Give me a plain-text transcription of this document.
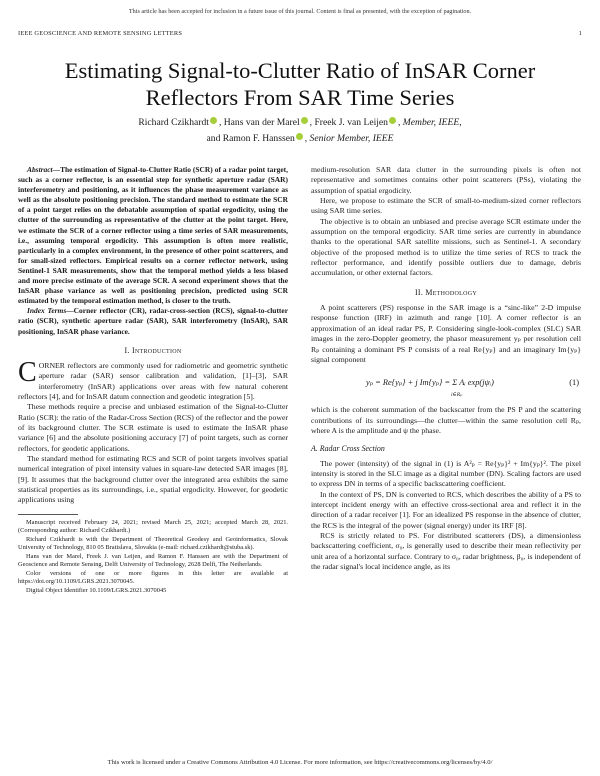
This article has been accepted for inclusion in a future issue of this journal. Content is final as presented, with the exception of pagination.
IEEE GEOSCIENCE AND REMOTE SENSING LETTERS	1
Estimating Signal-to-Clutter Ratio of InSAR Corner Reflectors From SAR Time Series
Richard Czikhardt , Hans van der Marel , Freek J. van Leijen , Member, IEEE,
and Ramon F. Hanssen , Senior Member, IEEE

Abstract—The estimation of Signal-to-Clutter Ratio (SCR) of a radar point target, such as a corner reflector, is an essential step for synthetic aperture radar (SAR) interferometry and positioning, as it influences the phase measurement variance as well as the absolute positioning precision. The standard method to estimate the SCR of a point target relies on the debatable assumption of spatial ergodicity, using the clutter of the surrounding as representative of the clutter at the point target. Here, we estimate the SCR of a corner reflector using a time series of SAR measurements, i.e., assuming temporal ergodicity. This assumption is often more realistic, particularly in a complex environment, in the presence of other point scatterers, and for small-sized reflectors. Empirical results on a corner reflector network, using Sentinel-1 SAR measurements, show that the temporal method yields a less biased and more precise estimate of the average SCR. A second experiment shows that the InSAR phase variance as well as positioning precision, predicted using SCR estimated by the temporal estimation method, is closer to the truth.

Index Terms—Corner reflector (CR), radar-cross-section (RCS), signal-to-clutter ratio (SCR), synthetic aperture radar (SAR), SAR interferometry (InSAR), SAR positioning, InSAR phase variance.

I. Introduction

CORNER reflectors are commonly used for radiometric and geometric synthetic aperture radar (SAR) sensor calibration and validation, [1]–[3], SAR interferometry (InSAR) applications over areas with few natural coherent reflectors [4], and for InSAR datum connection and geodetic integration [5].

These methods require a precise and unbiased estimation of the Signal-to-Clutter Ratio (SCR): the ratio of the Radar-Cross Section (RCS) of the reflector and the power of its background clutter. The SCR estimate is used to estimate the InSAR phase variance [6] and the absolute positioning accuracy [7] of point targets, such as corner reflectors, for geodetic applications.

The standard method for estimating RCS and SCR of point targets involves spatial numerical integration of pixel intensity values in square-law detected SAR images [8], [9]. It assumes that the background clutter over the integrated area exhibits the same statistical properties as its surroundings, i.e., spatial ergodicity. However, for geodetic applications using

Manuscript received February 24, 2021; revised March 25, 2021; accepted March 28, 2021. (Corresponding author: Richard Czikhardt.)
Richard Czikhardt is with the Department of Theoretical Geodesy and Geoinformatics, Slovak University of Technology, 810 05 Bratislava, Slovakia (e-mail: richard.czikhardt@stuba.sk).
Hans van der Marel, Freek J. van Leijen, and Ramon F. Hanssen are with the Department of Geoscience and Remote Sensing, Delft University of Technology, 2628 Delft, The Netherlands.
Color versions of one or more figures in this letter are available at https://doi.org/10.1109/LGRS.2021.3070045.
Digital Object Identifier 10.1109/LGRS.2021.3070045

medium-resolution SAR data clutter in the surrounding pixels is often not representative and sometimes contains other point scatterers (PSs), violating the assumption of spatial ergodicity.

Here, we propose to estimate the SCR of small-to-medium-sized corner reflectors using SAR time series.

The objective is to obtain an unbiased and precise average SCR estimate under the assumption on the temporal ergodicity. SAR time series are currently in abundance thanks to the operational SAR satellite missions, such as Sentinel-1. A secondary objective of the proposed method is to utilize the time series of RCS to track the reflector performance, and identify possible outliers due to damage, debris accumulation, or other external factors.

II. Methodology

A point scatterers (PS) response in the SAR image is a “sinc-like” 2-D impulse response function (IRF) in azimuth and range [10]. A corner reflector is an approximation of an ideal radar PS, P. Considering single-look-complex (SLC) SAR images in the zero-Doppler geometry, the phasor measurement yₚ per resolution cell Rₚ containing a dominant PS P consists of a real Re{yₚ} and an imaginary Im{yₚ} signal component

yₚ = Re{yₚ} + j Im{yₚ} = Σ Aᵢ exp(jψᵢ)
i∈Rₚ
(1)

which is the coherent summation of the backscatter from the PS P and the scattering contributions of its surroundings—the clutter—within the same resolution cell Rₚ, where A is the amplitude and ψ the phase.

A. Radar Cross Section

The power (intensity) of the signal in (1) is A²ₚ = Re{yₚ}² + Im{yₚ}². The pixel intensity is stored in the SLC image as a digital number (DN). Scaling factors are used to express DN in terms of a specific backscattering coefficient.

In the context of PS, DN is converted to RCS, which describes the ability of a PS to intercept incident energy with an effective cross-sectional area and reflect it in the direction of a radar receiver [1]. For an idealized PS response in the absence of clutter, the RCS is the integral of the power (signal energy) under its IRF [8].

RCS is strictly related to PS. For distributed scatterers (DS), a dimensionless backscattering coefficient, σ₀, is generally used to describe their mean reflectivity per unit area of a horizontal surface. Contrary to σ₀, radar brightness, β₀, is independent of the radar signal's local incidence angle, as its

This work is licensed under a Creative Commons Attribution 4.0 License. For more information, see https://creativecommons.org/licenses/by/4.0/
